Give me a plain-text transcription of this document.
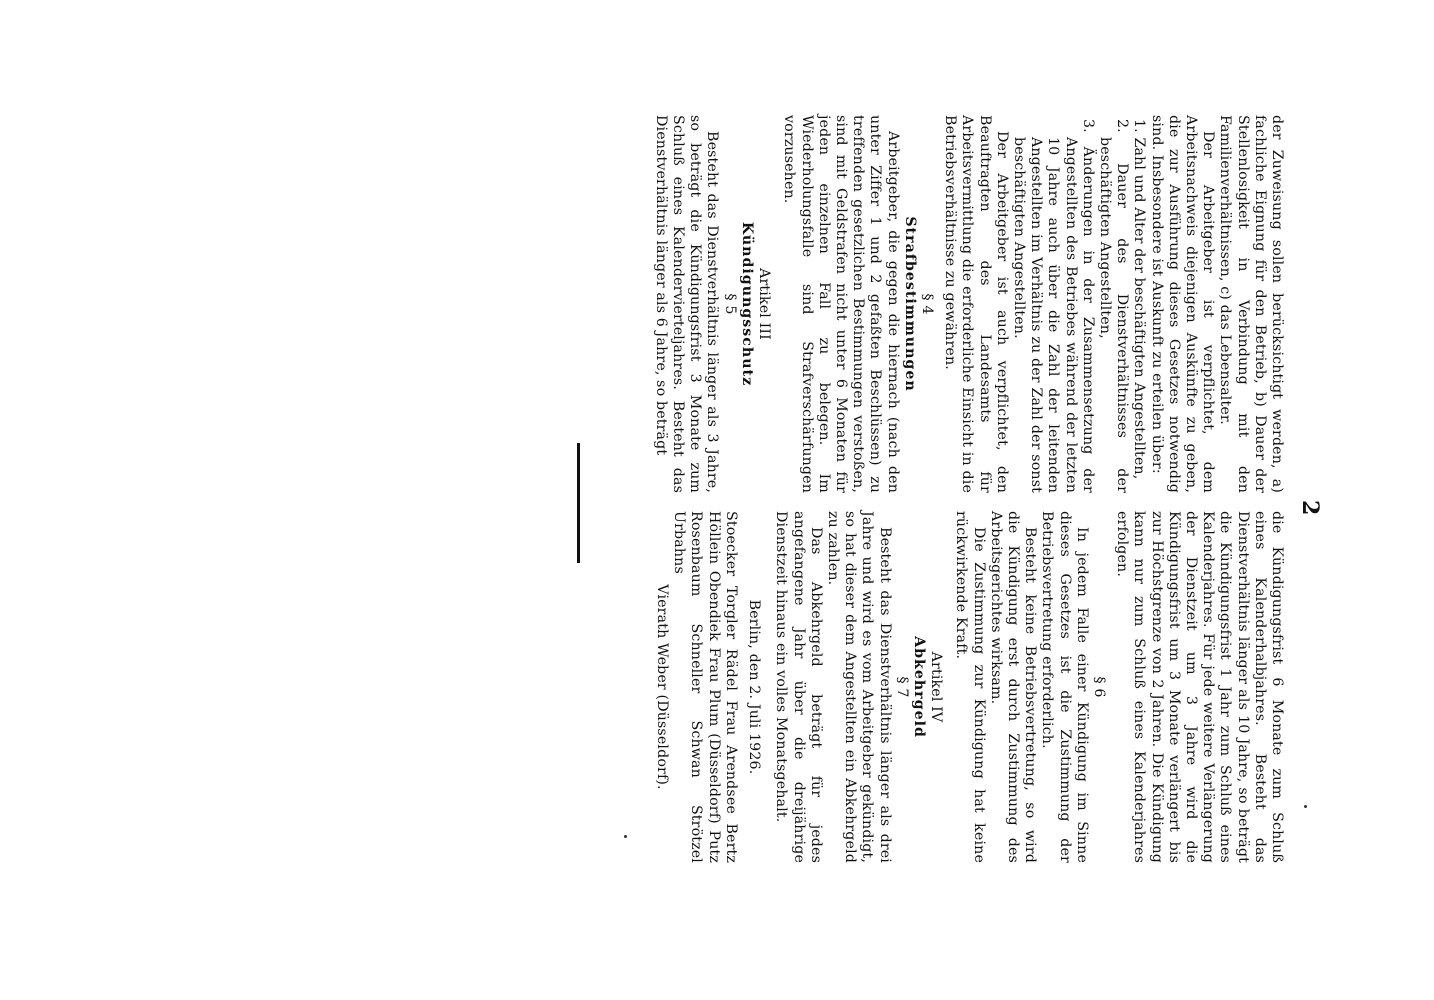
2

der Zuweisung sollen berücksichtigt werden, a) fachliche Eignung für den Betrieb, b) Dauer der Stellenlosigkeit in Verbindung mit den Familienverhältnissen, c) das Lebensalter.

Der Arbeitgeber ist verpflichtet, dem Arbeitsnachweis diejenigen Auskünfte zu geben, die zur Ausführung dieses Gesetzes notwendig sind. Insbesondere ist Auskunft zu erteilen über:

1. Zahl und Alter der beschäftigten Angestellten,

2. Dauer des Dienstverhältnisses der beschäftigten Angestellten,

3. Änderungen in der Zusammensetzung der Angestellten des Betriebes während der letzten 10 Jahre auch über die Zahl der leitenden Angestellten im Verhältnis zu der Zahl der sonst beschäftigten Angestellten.

Der Arbeitgeber ist auch verpflichtet, den Beauftragten des Landesamts für Arbeitsvermittlung die erforderliche Einsicht in die Betriebsverhältnisse zu gewähren.

§ 4

Strafbestimmungen

Arbeitgeber, die gegen die hiernach (nach den unter Ziffer 1 und 2 gefaßten Beschlüssen) zu treffenden gesetzlichen Bestimmungen verstoßen, sind mit Geldstrafen nicht unter 6 Monaten für jeden einzelnen Fall zu belegen. Im Wiederholungsfalle sind Strafverschärfungen vorzusehen.

Artikel III

Kündigungsschutz

§ 5

Besteht das Dienstverhältnis länger als 3 Jahre, so beträgt die Kündigungsfrist 3 Monate zum Schluß eines Kalendervierteljahres. Besteht das Dienstverhältnis länger als 6 Jahre, so beträgt

die Kündigungsfrist 6 Monate zum Schluß eines Kalenderhalbjahres. Besteht das Dienstverhältnis länger als 10 Jahre, so beträgt die Kündigungsfrist 1 Jahr zum Schluß eines Kalenderjahres. Für jede weitere Verlängerung der Dienstzeit um 3 Jahre wird die Kündigungsfrist um 3 Monate verlängert bis zur Höchstgrenze von 2 Jahren. Die Kündigung kann nur zum Schluß eines Kalenderjahres erfolgen.

§ 6

In jedem Falle einer Kündigung im Sinne dieses Gesetzes ist die Zustimmung der Betriebsvertretung erforderlich.

Besteht keine Betriebsvertretung, so wird die Kündigung erst durch Zustimmung des Arbeitsgerichtes wirksam.

Die Zustimmung zur Kündigung hat keine rückwirkende Kraft.

Artikel IV

Abkehrgeld

§ 7

Besteht das Dienstverhältnis länger als drei Jahre und wird es vom Arbeitgeber gekündigt, so hat dieser dem Angestellten ein Abkehrgeld zu zahlen.

Das Abkehrgeld beträgt für jedes angefangene Jahr über die dreijährige Dienstzeit hinaus ein volles Monatsgehalt.

Berlin, den 2. Juli 1926.

Stoecker Torgler Rädel Frau Arendsee Bertz

Höllein Obendiek Frau Plum (Düsseldorf) Putz

Rosenbaum Schneller Schwan Strötzel Urbahns

Vierath Weber (Düsseldorf).
